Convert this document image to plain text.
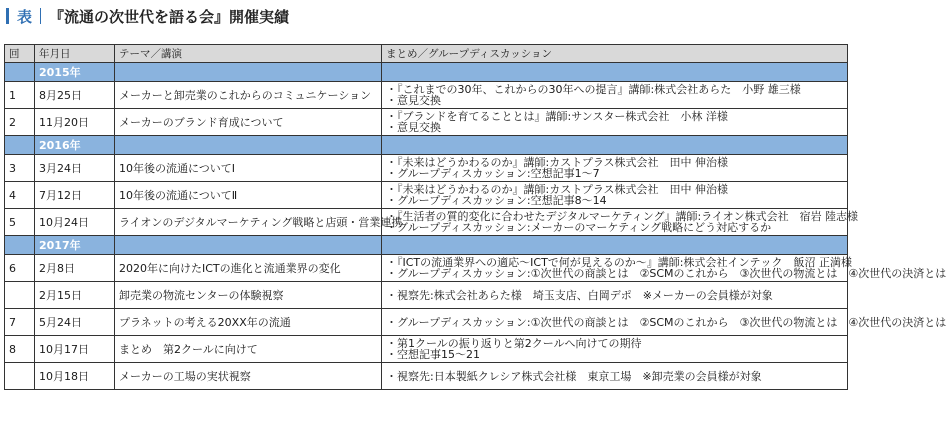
表 『流通の次世代を語る会』開催実績
回	年月日	テーマ／講演	まとめ／グループディスカッション
	2015年		
1	8月25日	メーカーと卸売業のこれからのコミュニケーション	・『これまでの30年、これからの30年への提言』講師:株式会社あらた　小野 雄三様
・意見交換

2	11月20日	メーカーのブランド育成について	・『ブランドを育てることとは』講師:サンスター株式会社　小林 洋様
・意見交換

	2016年		
3	3月24日	10年後の流通についてⅠ	・『未来はどうかわるのか』講師:カストプラス株式会社　田中 伸治様
・グループディスカッション:空想記事1～7

4	7月12日	10年後の流通についてⅡ	・『未来はどうかわるのか』講師:カストプラス株式会社　田中 伸治様
・グループディスカッション:空想記事8～14

5	10月24日	ライオンのデジタルマーケティング戦略と店頭・営業連携	・『生活者の質的変化に合わせたデジタルマーケティング』講師:ライオン株式会社　宿岩 陸志様
・グループディスカッション:メーカーのマーケティング戦略にどう対応するか

	2017年		
6	2月8日	2020年に向けたICTの進化と流通業界の変化	・『ICTの流通業界への適応～ICTで何が見えるのか～』講師:株式会社インテック　飯沼 正満様
・グループディスカッション:①次世代の商談とは　②SCMのこれから　③次世代の物流とは　④次世代の決済とは

	2月15日	卸売業の物流センターの体験視察	・視察先:株式会社あらた様　埼玉支店、白岡デポ　※メーカーの会員様が対象

7	5月24日	プラネットの考える20XX年の流通	・グループディスカッション:①次世代の商談とは　②SCMのこれから　③次世代の物流とは　④次世代の決済とは

8	10月17日	まとめ　第2クールに向けて	・第1クールの振り返りと第2クールへ向けての期待
・空想記事15～21

	10月18日	メーカーの工場の実状視察	・視察先:日本製紙クレシア株式会社様　東京工場　※卸売業の会員様が対象
